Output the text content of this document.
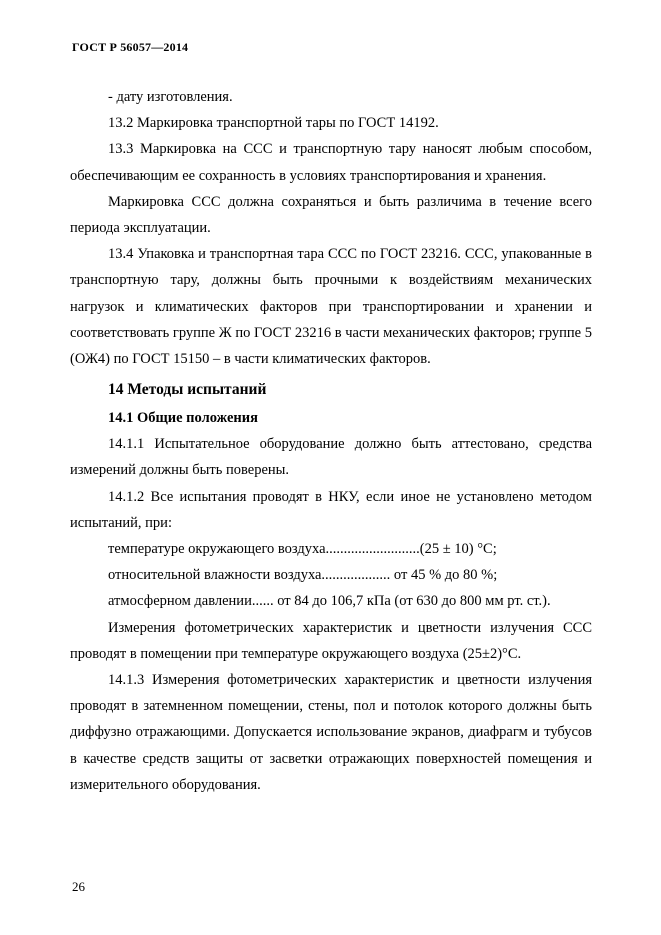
ГОСТ Р 56057—2014

- дату изготовления.

13.2 Маркировка транспортной тары по ГОСТ 14192.

13.3 Маркировка на ССС и транспортную тару наносят любым способом, обеспечивающим ее сохранность в условиях транспортирования и хранения.

Маркировка ССС должна сохраняться и быть различима в течение всего периода эксплуатации.

13.4 Упаковка и транспортная тара ССС по ГОСТ 23216. ССС, упакованные в транспортную тару, должны быть прочными к воздействиям механических нагрузок и климатических факторов при транспортировании и хранении и соответствовать группе Ж по ГОСТ 23216 в части механических факторов; группе 5 (ОЖ4) по ГОСТ 15150 – в части климатических факторов.

14 Методы испытаний
14.1 Общие положения

14.1.1 Испытательное оборудование должно быть аттестовано, средства измерений должны быть поверены.

14.1.2 Все испытания проводят в НКУ, если иное не установлено методом испытаний, при:

температуре окружающего воздуха..........................(25 ± 10) °С;

относительной влажности воздуха................... от 45 % до 80 %;

атмосферном давлении...... от 84 до 106,7 кПа (от 630 до 800 мм рт. ст.).

Измерения фотометрических характеристик и цветности излучения ССС проводят в помещении при температуре окружающего воздуха (25±2)°С.

14.1.3 Измерения фотометрических характеристик и цветности излучения проводят в затемненном помещении, стены, пол и потолок которого должны быть диффузно отражающими. Допускается использование экранов, диафрагм и тубусов в качестве средств защиты от засветки отражающих поверхностей помещения и измерительного оборудования.

26
